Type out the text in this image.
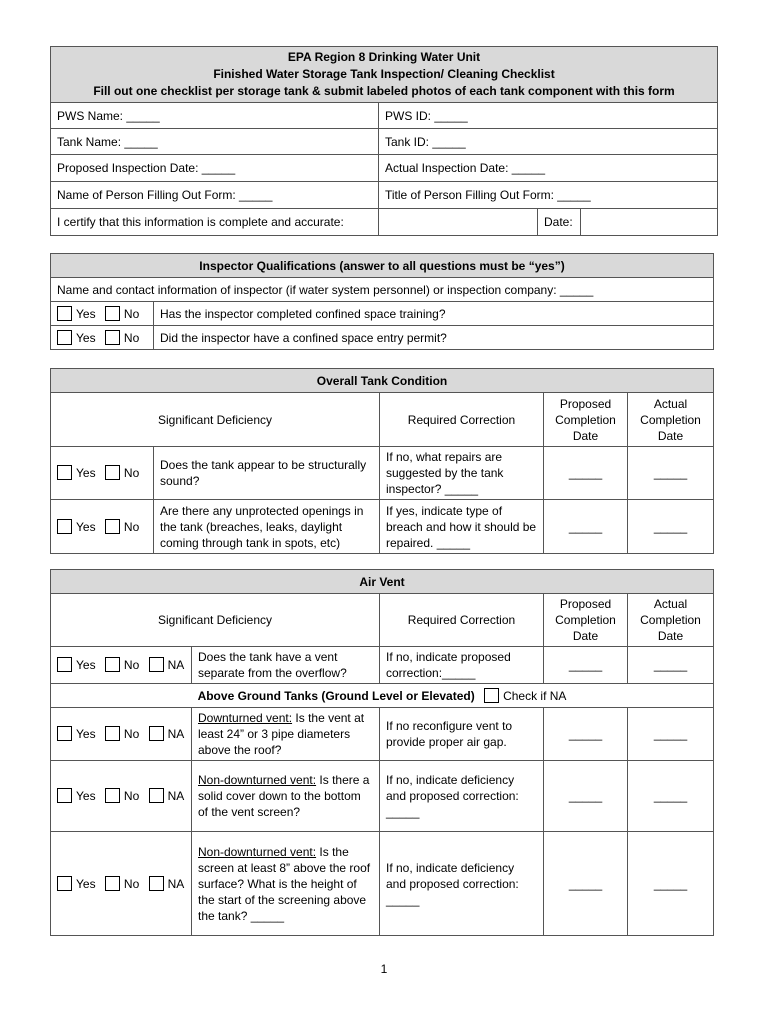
EPA Region 8 Drinking Water Unit
Finished Water Storage Tank Inspection/ Cleaning Checklist
Fill out one checklist per storage tank & submit labeled photos of each tank component with this form			

PWS Name: _____	PWS ID: _____		
Tank Name: _____	Tank ID: _____		
Proposed Inspection Date: _____	Actual Inspection Date: _____		
Name of Person Filling Out Form: _____	Title of Person Filling Out Form: _____		
I certify that this information is complete and accurate:		Date:	
Inspector Qualifications (answer to all questions must be “yes”)	
Name and contact information of inspector (if water system personnel) or inspection company: _____	
Yes No	Has the inspector completed confined space training?
Yes No	Did the inspector have a confined space entry permit?
Overall Tank Condition				
Significant Deficiency		Required Correction	Proposed Completion Date	Actual Completion Date
Yes No	Does the tank appear to be structurally sound?	If no, what repairs are suggested by the tank inspector? _____	_____	_____
Yes No	Are there any unprotected openings in the tank (breaches, leaks, daylight coming through tank in spots, etc)	If yes, indicate type of breach and how it should be repaired. _____	_____	_____
Air Vent				
Significant Deficiency		Required Correction	Proposed Completion Date	Actual Completion Date
Yes No NA	Does the tank have a vent separate from the overflow?	If no, indicate proposed correction:_____	_____	_____
Above Ground Tanks (Ground Level or Elevated) Check if NA				
Yes No NA	Downturned vent: Is the vent at least 24” or 3 pipe diameters above the roof?	If no reconfigure vent to provide proper air gap.	_____	_____
Yes No NA	Non-downturned vent: Is there a solid cover down to the bottom of the vent screen?	If no, indicate deficiency and proposed correction: _____	_____	_____
Yes No NA	Non-downturned vent: Is the screen at least 8” above the roof surface? What is the height of the start of the screening above the tank? _____	If no, indicate deficiency and proposed correction: _____	_____	_____
1
